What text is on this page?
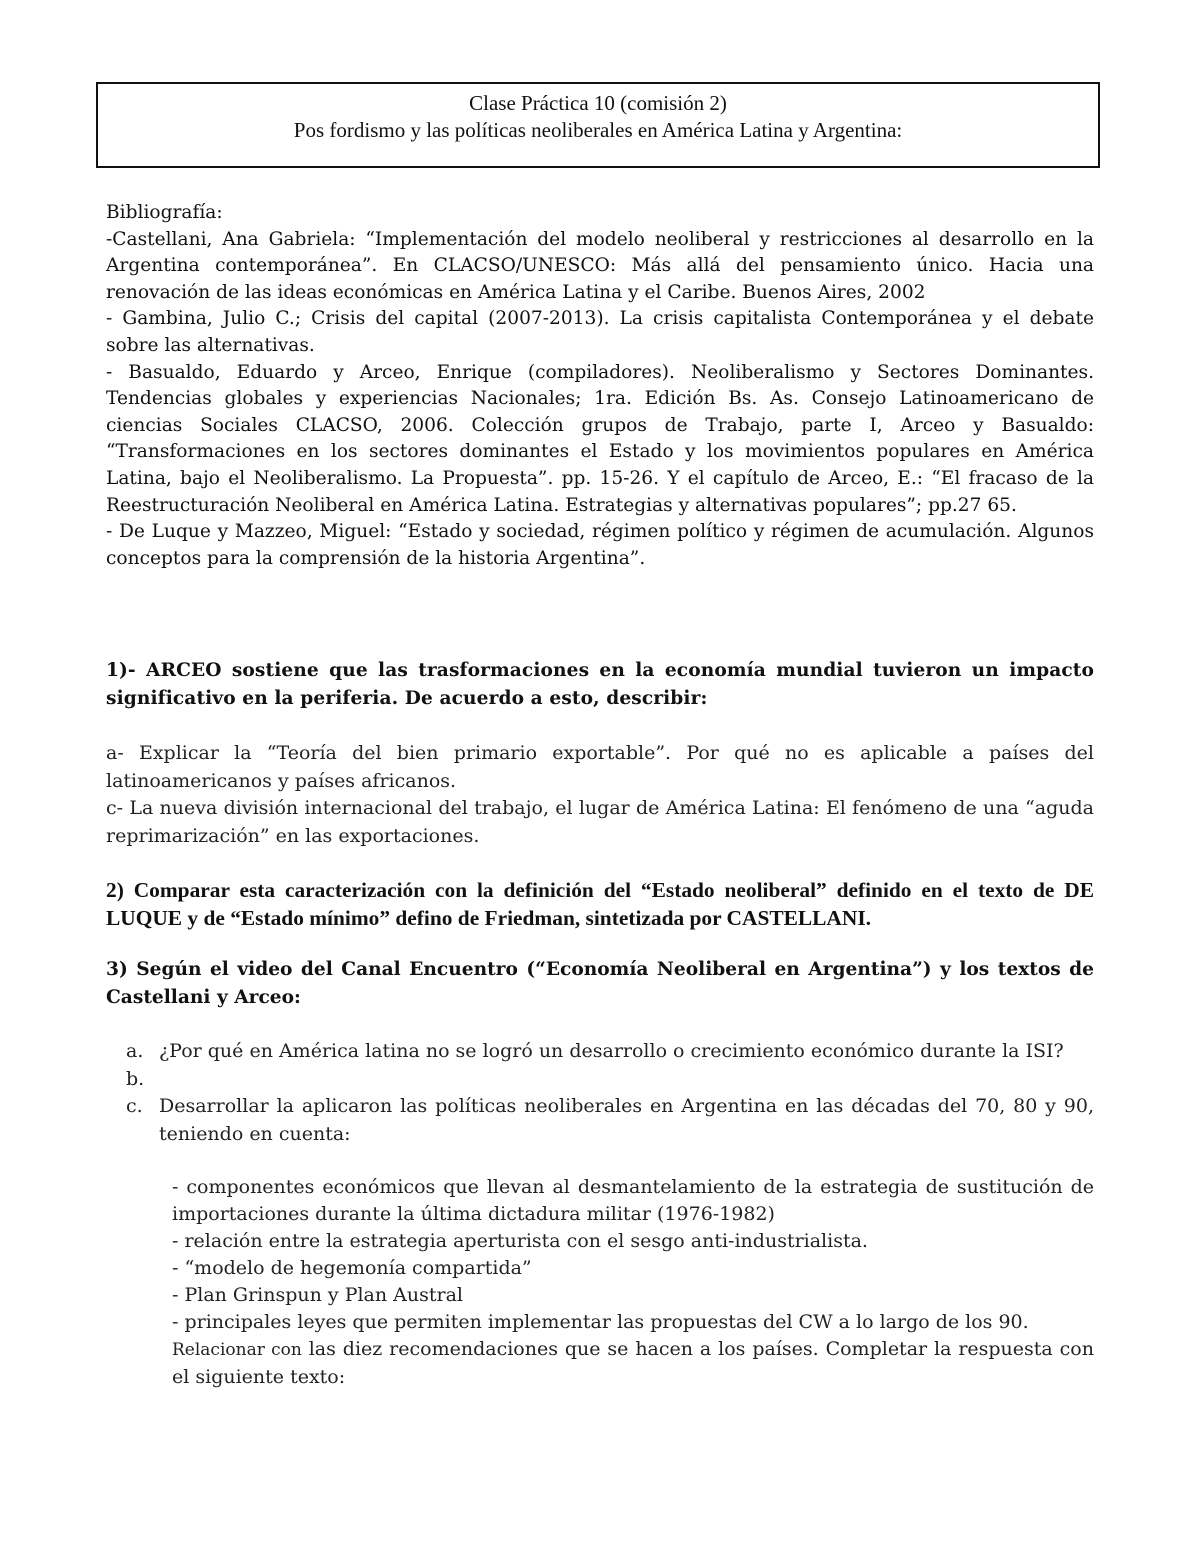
Clase Práctica 10 (comisión 2)
Pos fordismo y las políticas neoliberales en América Latina y Argentina:

Bibliografía:

-Castellani, Ana Gabriela: “Implementación del modelo neoliberal y restricciones al desarrollo en la Argentina contemporánea”. En CLACSO/UNESCO: Más allá del pensamiento único. Hacia una renovación de las ideas económicas en América Latina y el Caribe. Buenos Aires, 2002

- Gambina, Julio C.; Crisis del capital (2007-2013). La crisis capitalista Contemporánea y el debate sobre las alternativas.

- Basualdo, Eduardo y Arceo, Enrique (compiladores). Neoliberalismo y Sectores Dominantes. Tendencias globales y experiencias Nacionales; 1ra. Edición Bs. As. Consejo Latinoamericano de ciencias Sociales CLACSO, 2006. Colección grupos de Trabajo, parte I, Arceo y Basualdo: “Transformaciones en los sectores dominantes el Estado y los movimientos populares en América Latina, bajo el Neoliberalismo. La Propuesta”. pp. 15-26. Y el capítulo de Arceo, E.: “El fracaso de la Reestructuración Neoliberal en América Latina. Estrategias y alternativas populares”; pp.27 65.

- De Luque y Mazzeo, Miguel: “Estado y sociedad, régimen político y régimen de acumulación. Algunos conceptos para la comprensión de la historia Argentina”.

1)- ARCEO sostiene que las trasformaciones en la economía mundial tuvieron un impacto significativo en la periferia. De acuerdo a esto, describir:

a- Explicar la “Teoría del bien primario exportable”. Por qué no es aplicable a países del latinoamericanos y países africanos.

c- La nueva división internacional del trabajo, el lugar de América Latina: El fenómeno de una “aguda reprimarización” en las exportaciones.

2) Comparar esta caracterización con la definición del “Estado neoliberal” definido en el texto de DE LUQUE y de “Estado mínimo” defino de Friedman, sintetizada por CASTELLANI.
3) Según el video del Canal Encuentro (“Economía Neoliberal en Argentina”) y los textos de Castellani y Arceo:
a. ¿Por qué en América latina no se logró un desarrollo o crecimiento económico durante la ISI?
b.

c. Desarrollar la aplicaron las políticas neoliberales en Argentina en las décadas del 70, 80 y 90, teniendo en cuenta:

- componentes económicos que llevan al desmantelamiento de la estrategia de sustitución de importaciones durante la última dictadura militar (1976-1982)

- relación entre la estrategia aperturista con el sesgo anti-industrialista.

- “modelo de hegemonía compartida”

- Plan Grinspun y Plan Austral

- principales leyes que permiten implementar las propuestas del CW a lo largo de los 90.

Relacionar con las diez recomendaciones que se hacen a los países. Completar la respuesta con el siguiente texto:
